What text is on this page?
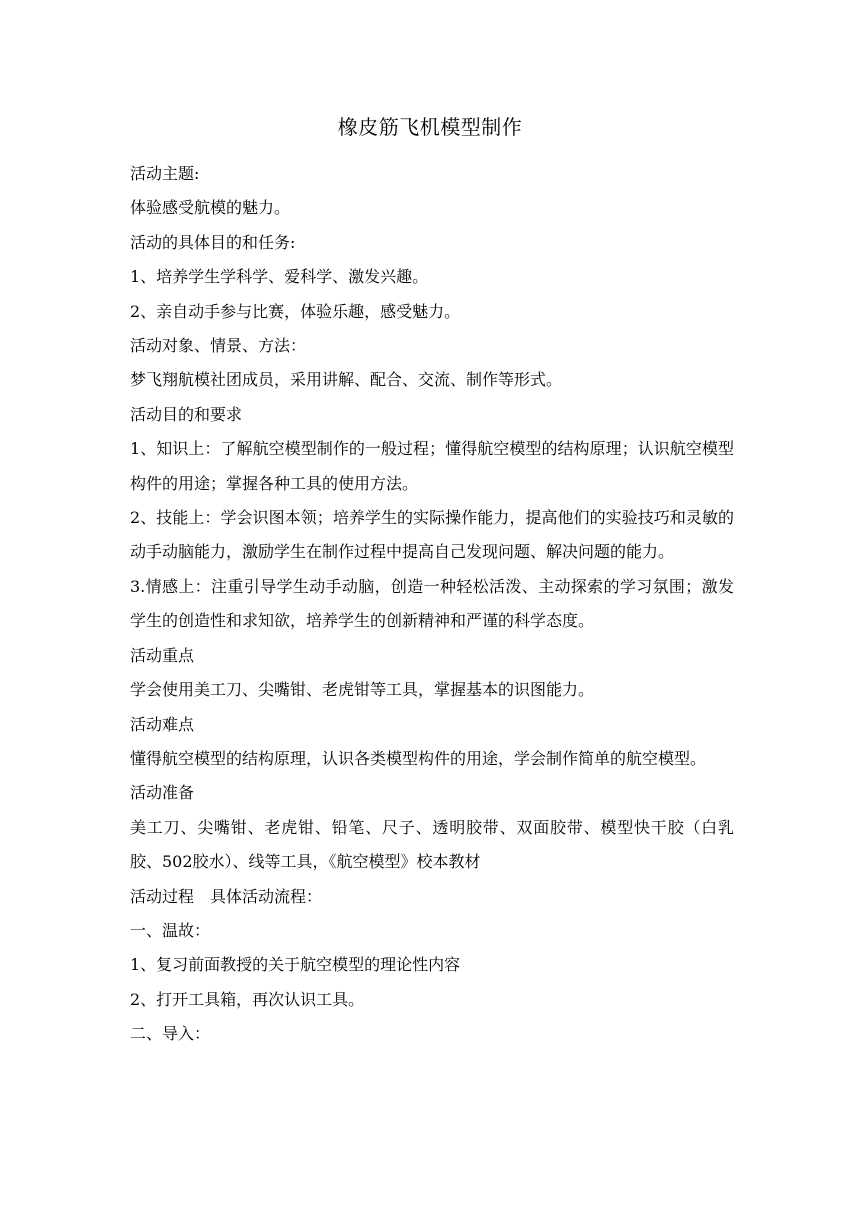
橡皮筋飞机模型制作

活动主题:

体验感受航模的魅力。

活动的具体目的和任务:

1、培养学生学科学、爱科学、激发兴趣。

2、亲自动手参与比赛，体验乐趣，感受魅力。

活动对象、情景、方法：

梦飞翔航模社团成员，采用讲解、配合、交流、制作等形式。

活动目的和要求

1、知识上：了解航空模型制作的一般过程；懂得航空模型的结构原理；认识航空模型构件的用途；掌握各种工具的使用方法。

2、技能上：学会识图本领；培养学生的实际操作能力，提高他们的实验技巧和灵敏的动手动脑能力，激励学生在制作过程中提高自己发现问题、解决问题的能力。

3.情感上：注重引导学生动手动脑，创造一种轻松活泼、主动探索的学习氛围；激发学生的创造性和求知欲，培养学生的创新精神和严谨的科学态度。

活动重点

学会使用美工刀、尖嘴钳、老虎钳等工具，掌握基本的识图能力。

活动难点

懂得航空模型的结构原理，认识各类模型构件的用途，学会制作简单的航空模型。

活动准备

美工刀、尖嘴钳、老虎钳、铅笔、尺子、透明胶带、双面胶带、模型快干胶（白乳胶、502胶水）、线等工具，《航空模型》校本教材

活动过程　具体活动流程：

一、温故：

1、复习前面教授的关于航空模型的理论性内容

2、打开工具箱，再次认识工具。

二、导入：
